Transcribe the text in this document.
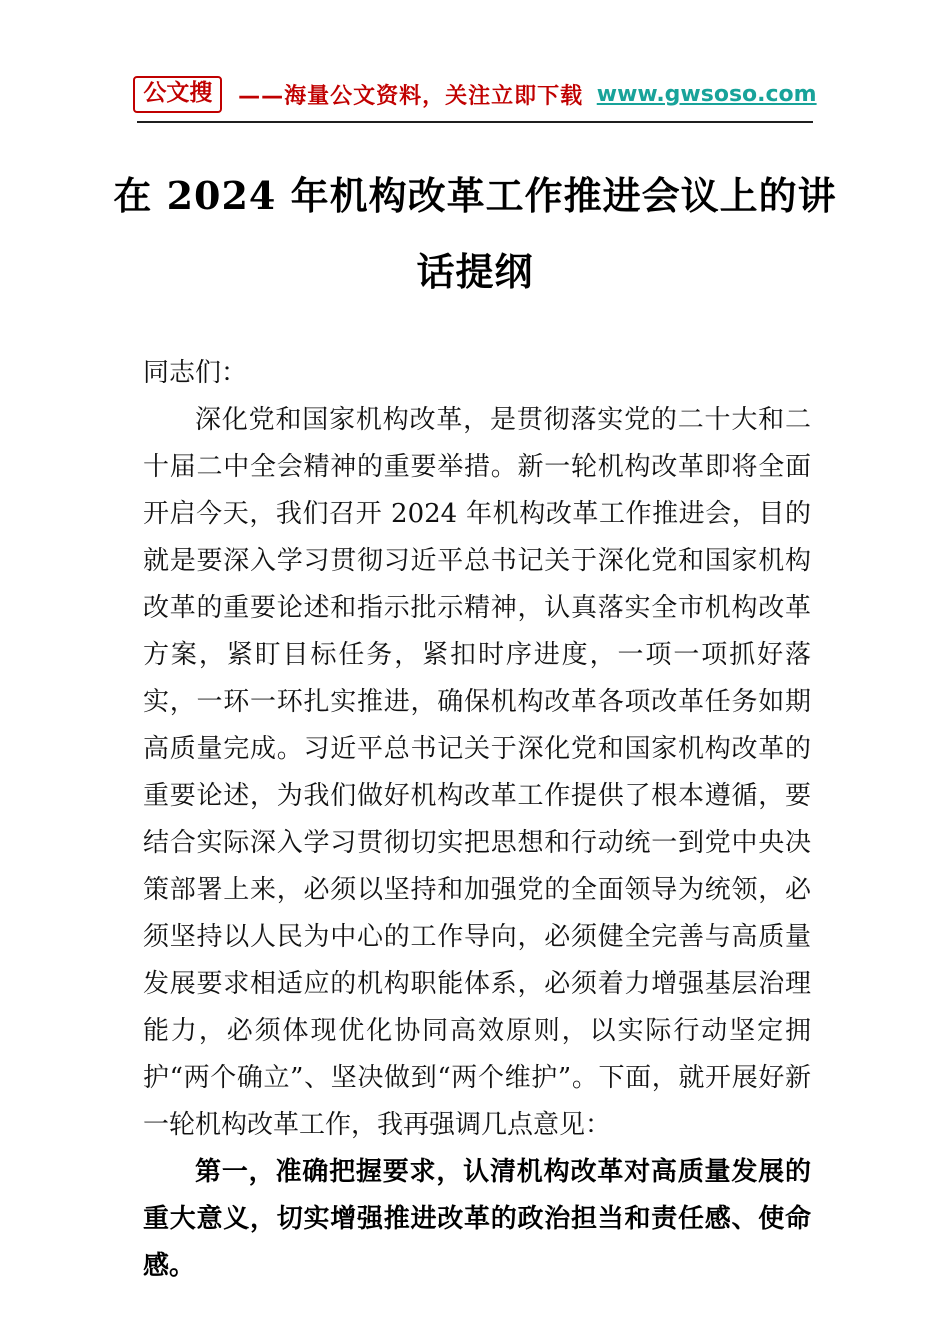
公文搜 ——海量公文资料，关注立即下载 www.gwsoso.com
在 2024 年机构改革工作推进会议上的讲话提纲

同志们：

深化党和国家机构改革，是贯彻落实党的二十大和二十届二中全会精神的重要举措。新一轮机构改革即将全面开启今天，我们召开 2024 年机构改革工作推进会，目的就是要深入学习贯彻习近平总书记关于深化党和国家机构改革的重要论述和指示批示精神，认真落实全市机构改革方案，紧盯目标任务，紧扣时序进度，一项一项抓好落实，一环一环扎实推进，确保机构改革各项改革任务如期高质量完成。习近平总书记关于深化党和国家机构改革的重要论述，为我们做好机构改革工作提供了根本遵循，要结合实际深入学习贯彻切实把思想和行动统一到党中央决策部署上来，必须以坚持和加强党的全面领导为统领，必须坚持以人民为中心的工作导向，必须健全完善与高质量发展要求相适应的机构职能体系，必须着力增强基层治理能力，必须体现优化协同高效原则，以实际行动坚定拥护“两个确立”、坚决做到“两个维护”。下面，就开展好新一轮机构改革工作，我再强调几点意见：

第一，准确把握要求，认清机构改革对高质量发展的重大意义，切实增强推进改革的政治担当和责任感、使命感。
